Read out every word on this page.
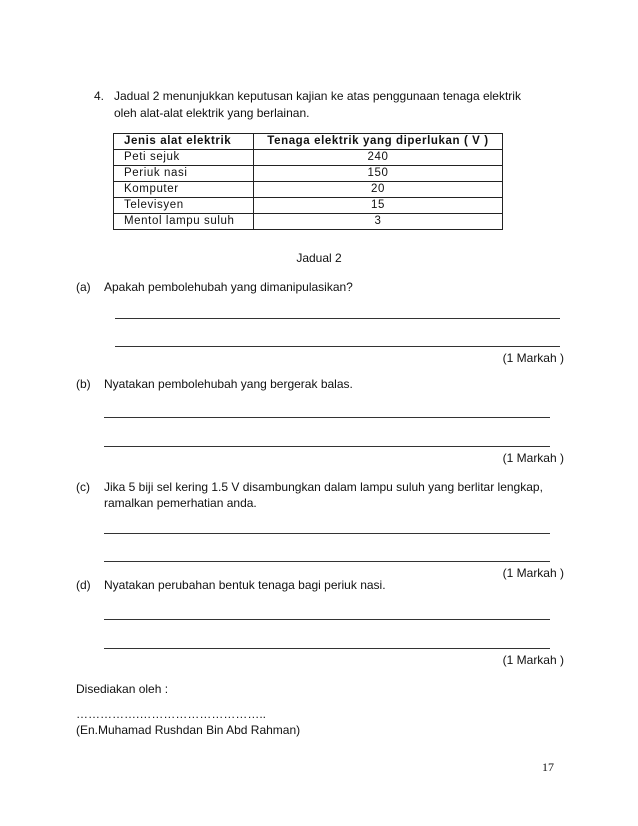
4. Jadual 2 menunjukkan keputusan kajian ke atas penggunaan tenaga elektrik
oleh alat-alat elektrik yang berlainan.
Jenis alat elektrik	Tenaga elektrik yang diperlukan ( V )
Peti sejuk	240
Periuk nasi	150
Komputer	20
Televisyen	15
Mentol lampu suluh	3
Jadual 2
(a) Apakah pembolehubah yang dimanipulasikan?
(1 Markah )
(b) Nyatakan pembolehubah yang bergerak balas.
(1 Markah )
(c) Jika 5 biji sel kering 1.5 V disambungkan dalam lampu suluh yang berlitar lengkap,
ramalkan pemerhatian anda.
(1 Markah )
(d) Nyatakan perubahan bentuk tenaga bagi periuk nasi.
(1 Markah )
Disediakan oleh :
…………….…………………………..
(En.Muhamad Rushdan Bin Abd Rahman)
17
